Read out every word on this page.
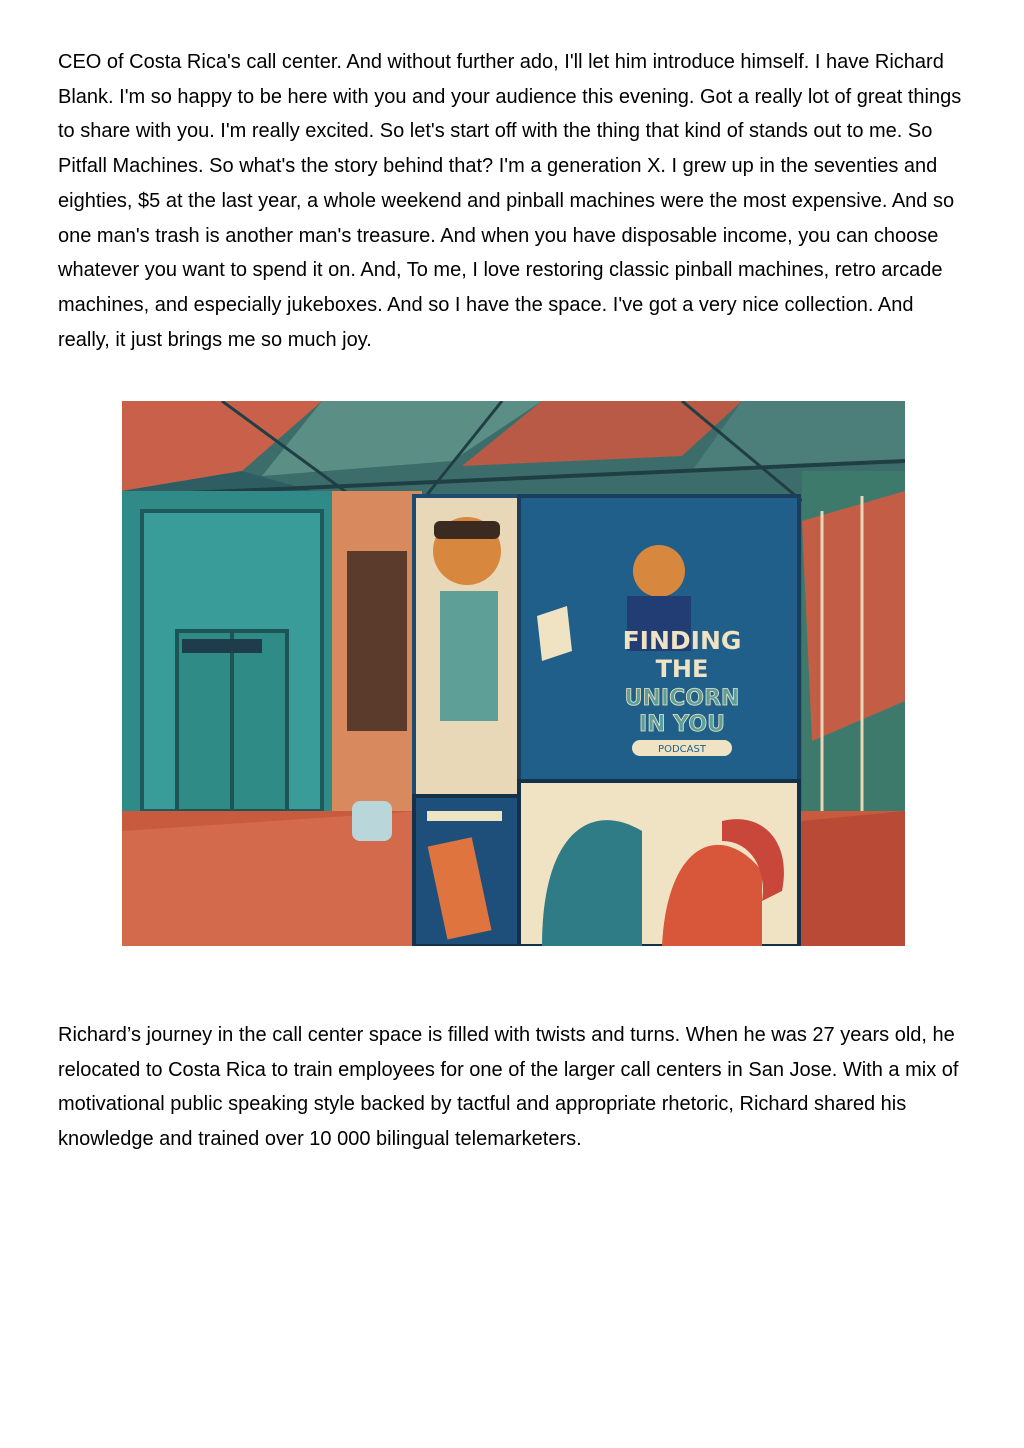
CEO of Costa Rica's call center. And without further ado, I'll let him introduce himself. I have Richard Blank. I'm so happy to be here with you and your audience this evening. Got a really lot of great things to share with you. I'm really excited. So let's start off with the thing that kind of stands out to me. So Pitfall Machines. So what's the story behind that? I'm a generation X. I grew up in the seventies and eighties, $5 at the last year, a whole weekend and pinball machines were the most expensive. And so one man's trash is another man's treasure. And when you have disposable income, you can choose whatever you want to spend it on. And, To me, I love restoring classic pinball machines, retro arcade machines, and especially jukeboxes. And so I have the space. I've got a very nice collection. And really, it just brings me so much joy.

FINDING
THE
UNICORN
IN YOU
PODCAST

Richard’s journey in the call center space is filled with twists and turns. When he was 27 years old, he relocated to Costa Rica to train employees for one of the larger call centers in San Jose. With a mix of motivational public speaking style backed by tactful and appropriate rhetoric, Richard shared his knowledge and trained over 10 000 bilingual telemarketers.
